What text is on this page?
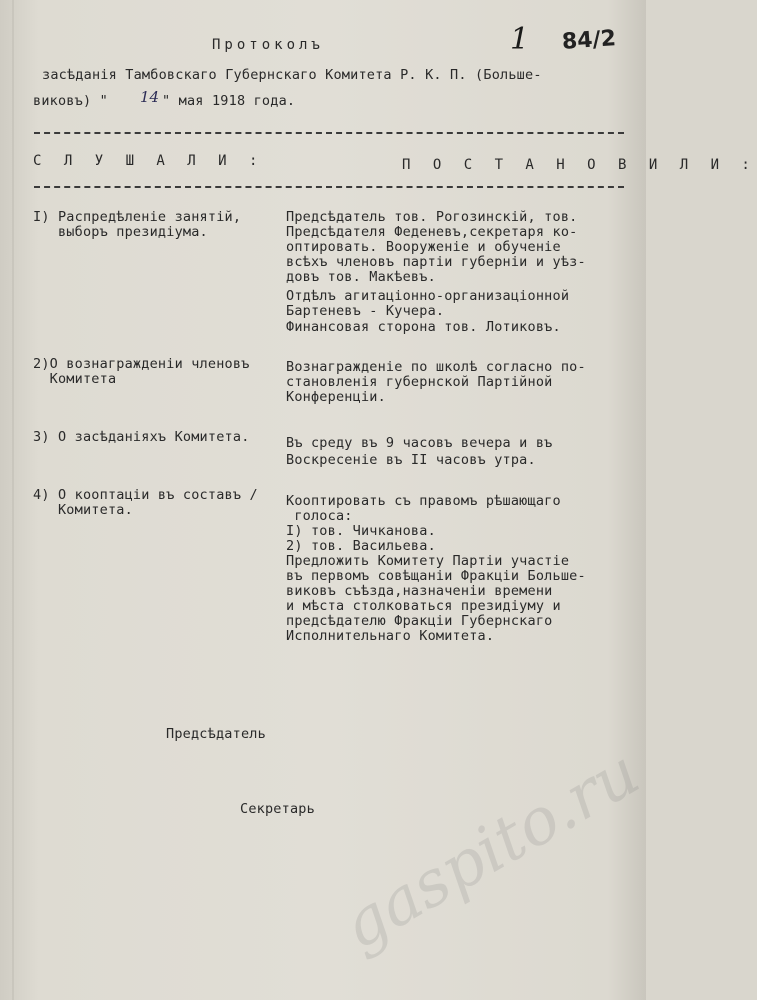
1 84/2
Протоколъ
засѣданія Тамбовскаго Губернскаго Комитета Р. К. П. (Больше-
виковъ) " 14 " мая 1918 года.
С Л У Ш А Л И :	П О С Т А Н О В И Л И :
I) Распредѣленіе занятій,
выборъ президіума.
Предсѣдатель тов. Рогозинскій, тов.
Предсѣдателя Феденевъ,секретаря ко-
оптировать. Вооруженіе и обученіе
всѣхъ членовъ партіи губерніи и уѣз-
довъ тов. Макѣевъ.
Отдѣлъ агитаціонно-организаціонной
Бартеневъ - Кучера.
Финансовая сторона тов. Лотиковъ.
2)О вознагражденіи членовъ
Комитета
Вознагражденіе по школѣ согласно по-
становленія губернской Партійной
Конференціи.
3) О засѣданіяхъ Комитета.	Въ среду въ 9 часовъ вечера и въ
Воскресеніе въ II часовъ утра.
4) О кооптаціи въ составъ /
Комитета.
Кооптировать съ правомъ рѣшающаго
голоса:
I) тов. Чичканова.
2) тов. Васильева.
Предложить Комитету Партіи участіе
въ первомъ совѣщаніи Фракціи Больше-
виковъ съѣзда,назначеніи времени
и мѣста столковаться президіуму и
предсѣдателю Фракціи Губернскаго
Исполнительнаго Комитета.
Предсѣдатель
Секретарь gaspito.ru
